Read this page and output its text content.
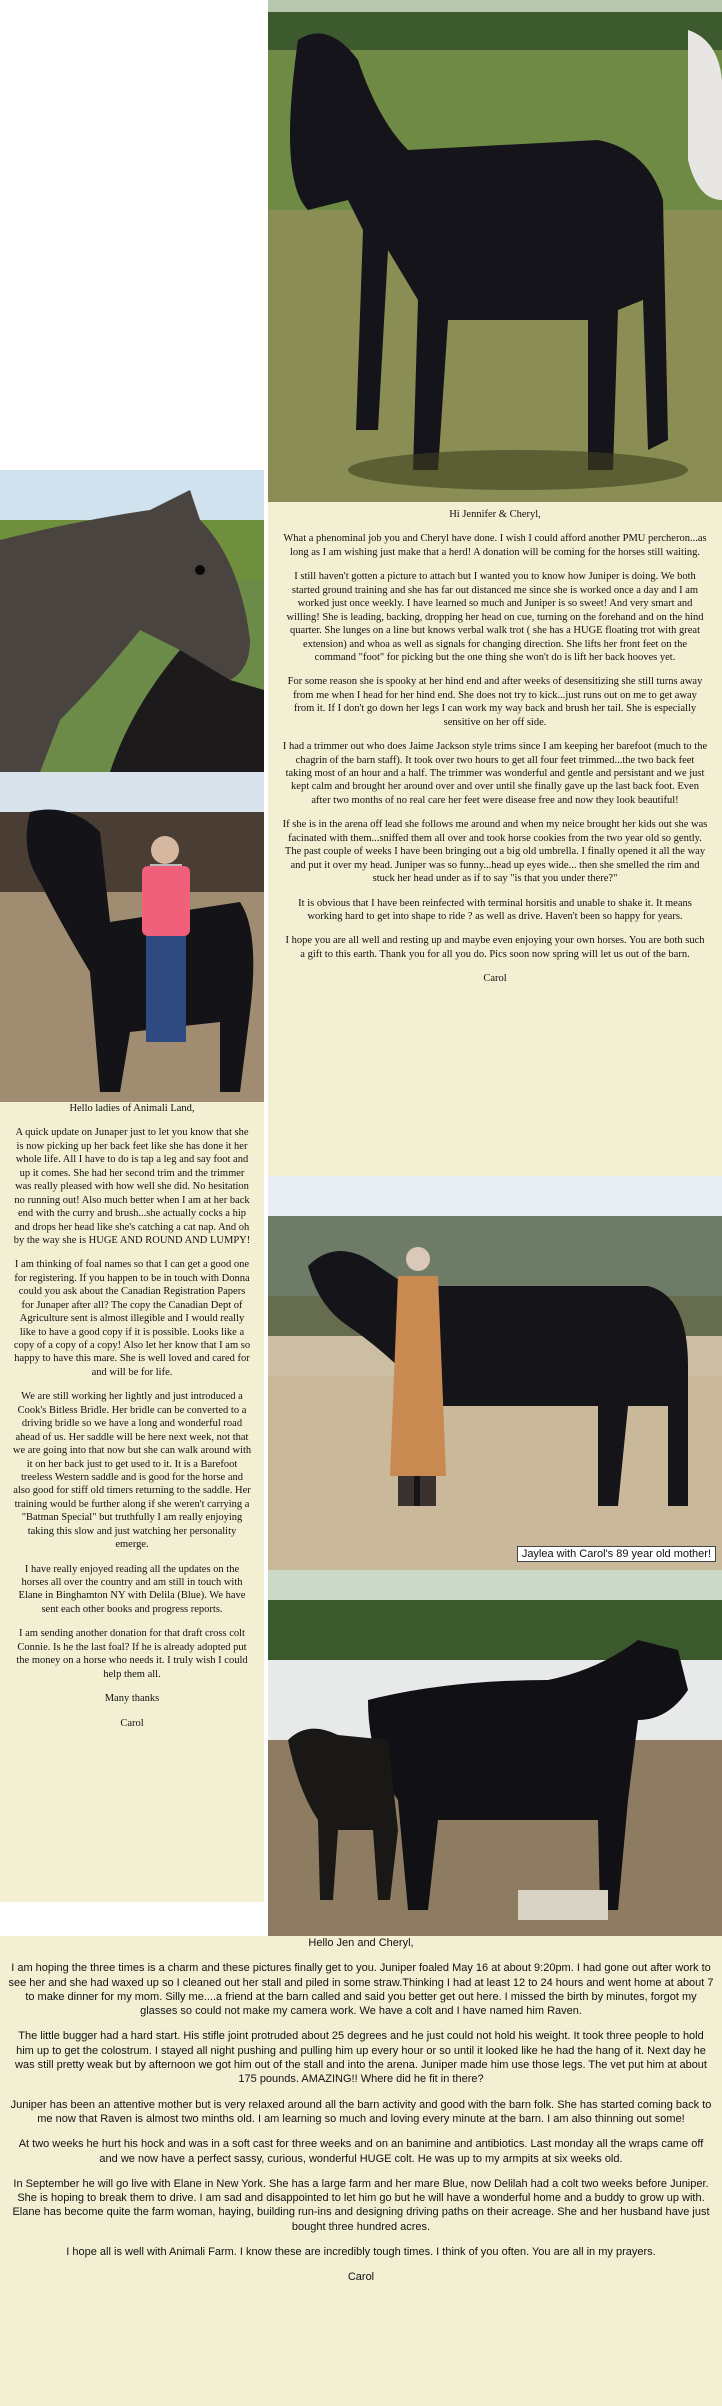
Jaylea with Carol's 89 year old mother!

Hi Jennifer & Cheryl,

What a phenominal job you and Cheryl have done. I wish I could afford another PMU percheron...as long as I am wishing just make that a herd! A donation will be coming for the horses still waiting.

I still haven't gotten a picture to attach but I wanted you to know how Juniper is doing. We both started ground training and she has far out distanced me since she is worked once a day and I am worked just once weekly. I have learned so much and Juniper is so sweet! And very smart and willing! She is leading, backing, dropping her head on cue, turning on the forehand and on the hind quarter. She lunges on a line but knows verbal walk trot ( she has a HUGE floating trot with great extension) and whoa as well as signals for changing direction. She lifts her front feet on the command "foot" for picking but the one thing she won't do is lift her back hooves yet.

For some reason she is spooky at her hind end and after weeks of desensitizing she still turns away from me when I head for her hind end. She does not try to kick...just runs out on me to get away from it. If I don't go down her legs I can work my way back and brush her tail. She is especially sensitive on her off side.

I had a trimmer out who does Jaime Jackson style trims since I am keeping her barefoot (much to the chagrin of the barn staff). It took over two hours to get all four feet trimmed...the two back feet taking most of an hour and a half. The trimmer was wonderful and gentle and persistant and we just kept calm and brought her around over and over until she finally gave up the last back foot. Even after two months of no real care her feet were disease free and now they look beautiful!

If she is in the arena off lead she follows me around and when my neice brought her kids out she was facinated with them...sniffed them all over and took horse cookies from the two year old so gently. The past couple of weeks I have been bringing out a big old umbrella. I finally opened it all the way and put it over my head. Juniper was so funny...head up eyes wide... then she smelled the rim and stuck her head under as if to say "is that you under there?"

It is obvious that I have been reinfected with terminal horsitis and unable to shake it. It means working hard to get into shape to ride ? as well as drive. Haven't been so happy for years.

I hope you are all well and resting up and maybe even enjoying your own horses. You are both such a gift to this earth. Thank you for all you do. Pics soon now spring will let us out of the barn.

Carol

Hello ladies of Animali Land,

A quick update on Junaper just to let you know that she is now picking up her back feet like she has done it her whole life. All I have to do is tap a leg and say foot and up it comes. She had her second trim and the trimmer was really pleased with how well she did. No hesitation no running out! Also much better when I am at her back end with the curry and brush...she actually cocks a hip and drops her head like she's catching a cat nap. And oh by the way she is HUGE AND ROUND AND LUMPY!

I am thinking of foal names so that I can get a good one for registering. If you happen to be in touch with Donna could you ask about the Canadian Registration Papers for Junaper after all? The copy the Canadian Dept of Agriculture sent is almost illegible and I would really like to have a good copy if it is possible. Looks like a copy of a copy of a copy! Also let her know that I am so happy to have this mare. She is well loved and cared for and will be for life.

We are still working her lightly and just introduced a Cook's Bitless Bridle. Her bridle can be converted to a driving bridle so we have a long and wonderful road ahead of us. Her saddle will be here next week, not that we are going into that now but she can walk around with it on her back just to get used to it. It is a Barefoot treeless Western saddle and is good for the horse and also good for stiff old timers returning to the saddle. Her training would be further along if she weren't carrying a "Batman Special" but truthfully I am really enjoying taking this slow and just watching her personality emerge.

I have really enjoyed reading all the updates on the horses all over the country and am still in touch with Elane in Binghamton NY with Delila (Blue). We have sent each other books and progress reports.

I am sending another donation for that draft cross colt Connie. Is he the last foal? If he is already adopted put the money on a horse who needs it. I truly wish I could help them all.

Many thanks

Carol

Hello Jen and Cheryl,

I am hoping the three times is a charm and these pictures finally get to you. Juniper foaled May 16 at about 9:20pm. I had gone out after work to see her and she had waxed up so I cleaned out her stall and piled in some straw.Thinking I had at least 12 to 24 hours and went home at about 7 to make dinner for my mom. Silly me....a friend at the barn called and said you better get out here. I missed the birth by minutes, forgot my glasses so could not make my camera work. We have a colt and I have named him Raven.

The little bugger had a hard start. His stifle joint protruded about 25 degrees and he just could not hold his weight. It took three people to hold him up to get the colostrum. I stayed all night pushing and pulling him up every hour or so until it looked like he had the hang of it. Next day he was still pretty weak but by afternoon we got him out of the stall and into the arena. Juniper made him use those legs. The vet put him at about 175 pounds. AMAZING!! Where did he fit in there?

Juniper has been an attentive mother but is very relaxed around all the barn activity and good with the barn folk. She has started coming back to me now that Raven is almost two minths old. I am learning so much and loving every minute at the barn. I am also thinning out some!

At two weeks he hurt his hock and was in a soft cast for three weeks and on an banimine and antibiotics. Last monday all the wraps came off and we now have a perfect sassy, curious, wonderful HUGE colt. He was up to my armpits at six weeks old.

In September he will go live with Elane in New York. She has a large farm and her mare Blue, now Delilah had a colt two weeks before Juniper. She is hoping to break them to drive. I am sad and disappointed to let him go but he will have a wonderful home and a buddy to grow up with. Elane has become quite the farm woman, haying, building run-ins and designing driving paths on their acreage. She and her husband have just bought three hundred acres.

I hope all is well with Animali Farm. I know these are incredibly tough times. I think of you often. You are all in my prayers.

Carol
